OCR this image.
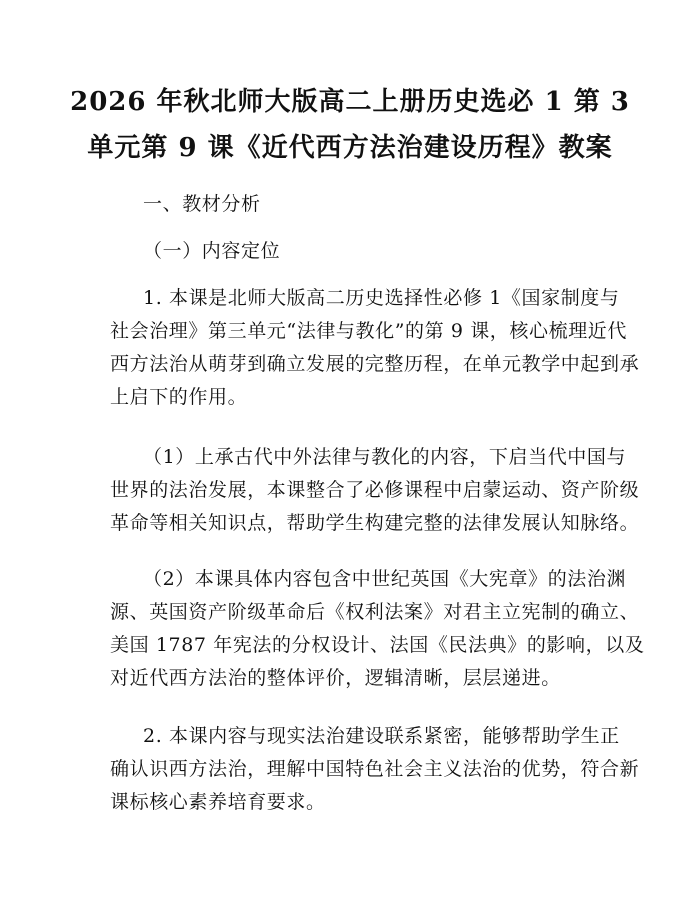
2026 年秋北师大版高二上册历史选必 1 第 3
单元第 9 课《近代西方法治建设历程》教案
一、教材分析
（一）内容定位
1. 本课是北师大版高二历史选择性必修 1《国家制度与
社会治理》第三单元“法律与教化”的第 9 课，核心梳理近代
西方法治从萌芽到确立发展的完整历程，在单元教学中起到承
上启下的作用。
（1）上承古代中外法律与教化的内容，下启当代中国与
世界的法治发展，本课整合了必修课程中启蒙运动、资产阶级
革命等相关知识点，帮助学生构建完整的法律发展认知脉络。
（2）本课具体内容包含中世纪英国《大宪章》的法治渊
源、英国资产阶级革命后《权利法案》对君主立宪制的确立、
美国 1787 年宪法的分权设计、法国《民法典》的影响，以及
对近代西方法治的整体评价，逻辑清晰，层层递进。
2. 本课内容与现实法治建设联系紧密，能够帮助学生正
确认识西方法治，理解中国特色社会主义法治的优势，符合新
课标核心素养培育要求。
